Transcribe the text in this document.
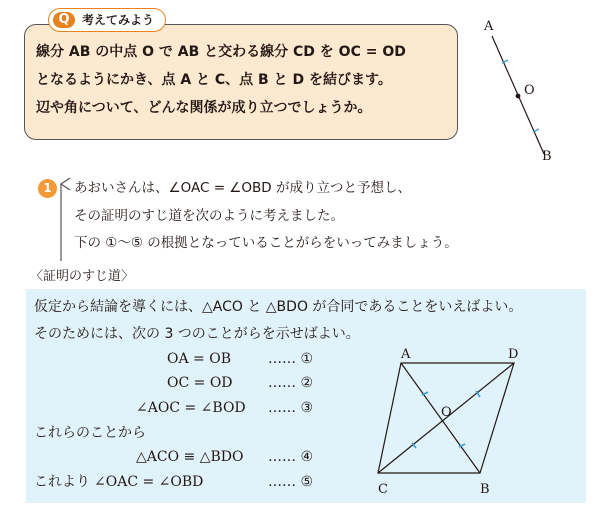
Q	考えてみよう
線分 AB の中点 O で AB と交わる線分 CD を OC = OD
となるようにかき、点 A と C、点 B と D を結びます。
辺や角について、どんな関係が成り立つでしょうか。
A
O
B
1	あおいさんは、∠OAC = ∠OBD が成り立つと予想し、
その証明のすじ道を次のように考えました。
下の ①〜⑤ の根拠となっていることがらをいってみましょう。
〈証明のすじ道〉
仮定から結論を導くには、△ACO と △BDO が合同であることをいえばよい。
そのためには、次の 3 つのことがらを示せばよい。
OA = OB	…… ①
OC = OD	…… ②
∠AOC = ∠BOD …… ③
これらのことから
△ACO ≡ △BDO …… ④
これより ∠OAC = ∠OBD	…… ⑤
A	D
O
C	B
